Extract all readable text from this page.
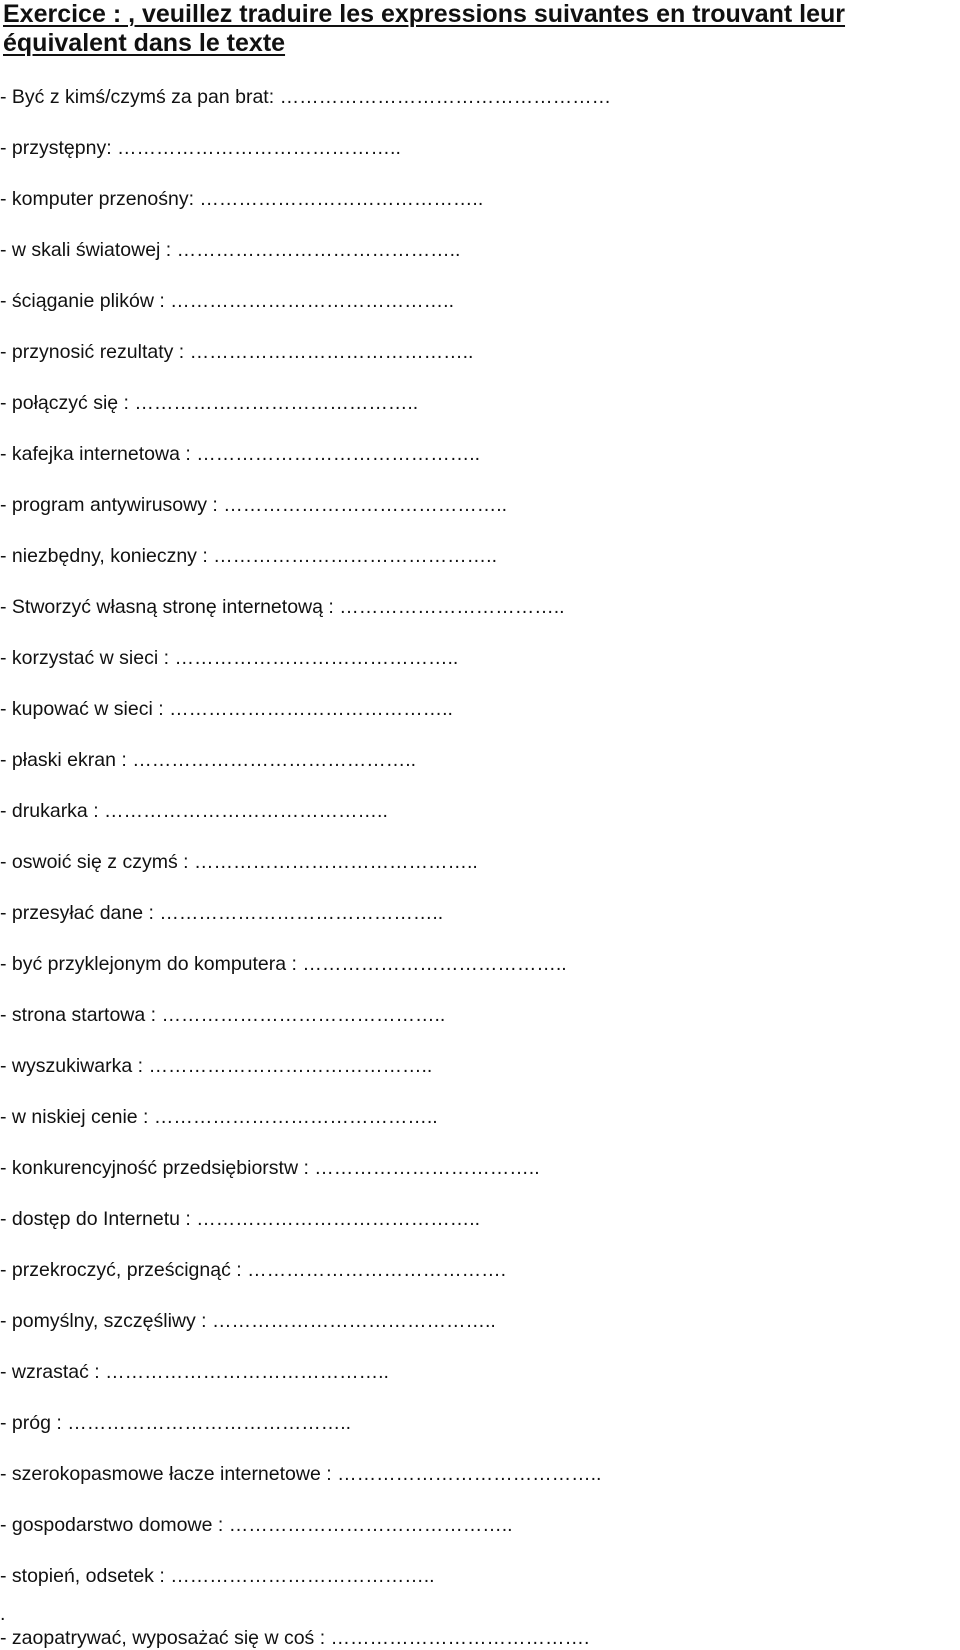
Exercice : , veuillez traduire les expressions suivantes en trouvant leur équivalent dans le texte
- Być z kimś/czymś za pan brat: ……………………………………………
- przystępny: ……………………………………..
- komputer przenośny: ……………………………………..
- w skali światowej : ……………………………………..
- ściąganie plików : ……………………………………..
- przynosić rezultaty : ……………………………………..
- połączyć się : ……………………………………..
- kafejka internetowa : ……………………………………..
- program antywirusowy : ……………………………………..
- niezbędny, konieczny : ……………………………………..
- Stworzyć własną stronę internetową : ……………………………..
- korzystać w sieci : ……………………………………..
- kupować w sieci : ……………………………………..
- płaski ekran : ……………………………………..
- drukarka : ……………………………………..
- oswoić się z czymś : ……………………………………..
- przesyłać dane : ……………………………………..
- być przyklejonym do komputera : …………………………………..
- strona startowa : ……………………………………..
- wyszukiwarka : ……………………………………..
- w niskiej cenie : ……………………………………..
- konkurencyjność przedsiębiorstw : ……………………………..
- dostęp do Internetu : ……………………………………..
- przekroczyć, prześcignąć : ………………………………….
- pomyślny, szczęśliwy : ……………………………………..
- wzrastać : ……………………………………..
- próg : ……………………………………..
- szerokopasmowe łacze internetowe : …………………………………..
- gospodarstwo domowe : ……………………………………..
- stopień, odsetek : …………………………………..
.
- zaopatrywać, wyposażać się w coś : ………………………………….
